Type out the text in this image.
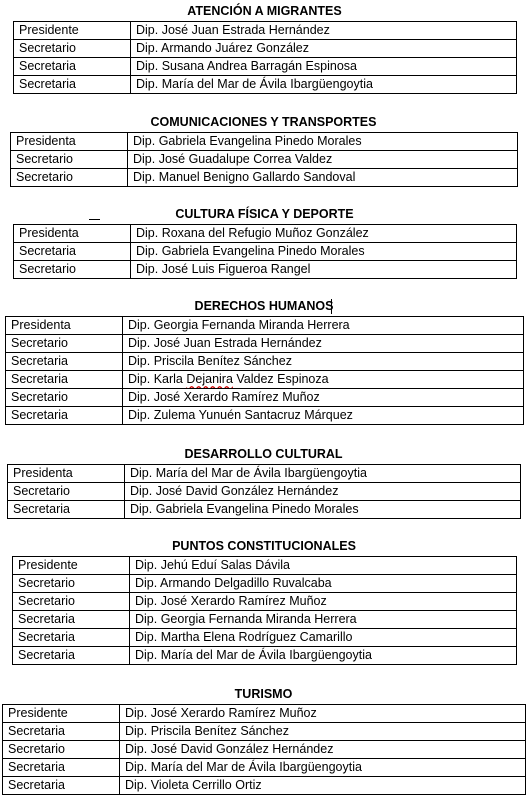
ATENCIÓN A MIGRANTES
Presidente	Dip. José Juan Estrada Hernández
Secretario	Dip. Armando Juárez González
Secretaria	Dip. Susana Andrea Barragán Espinosa
Secretaria	Dip. María del Mar de Ávila Ibargüengoytia
COMUNICACIONES Y TRANSPORTES
Presidenta	Dip. Gabriela Evangelina Pinedo Morales
Secretario	Dip. José Guadalupe Correa Valdez
Secretario	Dip. Manuel Benigno Gallardo Sandoval
CULTURA FÍSICA Y DEPORTE
Presidenta	Dip. Roxana del Refugio Muñoz González
Secretaria	Dip. Gabriela Evangelina Pinedo Morales
Secretario	Dip. José Luis Figueroa Rangel
DERECHOS HUMANOS
Presidenta	Dip. Georgia Fernanda Miranda Herrera
Secretario	Dip. José Juan Estrada Hernández
Secretaria	Dip. Priscila Benítez Sánchez
Secretaria	Dip. Karla Dejanira Valdez Espinoza
Secretario	Dip. José Xerardo Ramírez Muñoz
Secretaria	Dip. Zulema Yunuén Santacruz Márquez
DESARROLLO CULTURAL
Presidenta	Dip. María del Mar de Ávila Ibargüengoytia
Secretario	Dip. José David González Hernández
Secretaria	Dip. Gabriela Evangelina Pinedo Morales
PUNTOS CONSTITUCIONALES
Presidente	Dip. Jehú Eduí Salas Dávila
Secretario	Dip. Armando Delgadillo Ruvalcaba
Secretario	Dip. José Xerardo Ramírez Muñoz
Secretaria	Dip. Georgia Fernanda Miranda Herrera
Secretaria	Dip. Martha Elena Rodríguez Camarillo
Secretaria	Dip. María del Mar de Ávila Ibargüengoytia
TURISMO
Presidente	Dip. José Xerardo Ramírez Muñoz
Secretaria	Dip. Priscila Benítez Sánchez
Secretario	Dip. José David González Hernández
Secretaria	Dip. María del Mar de Ávila Ibargüengoytia
Secretaria	Dip. Violeta Cerrillo Ortiz
